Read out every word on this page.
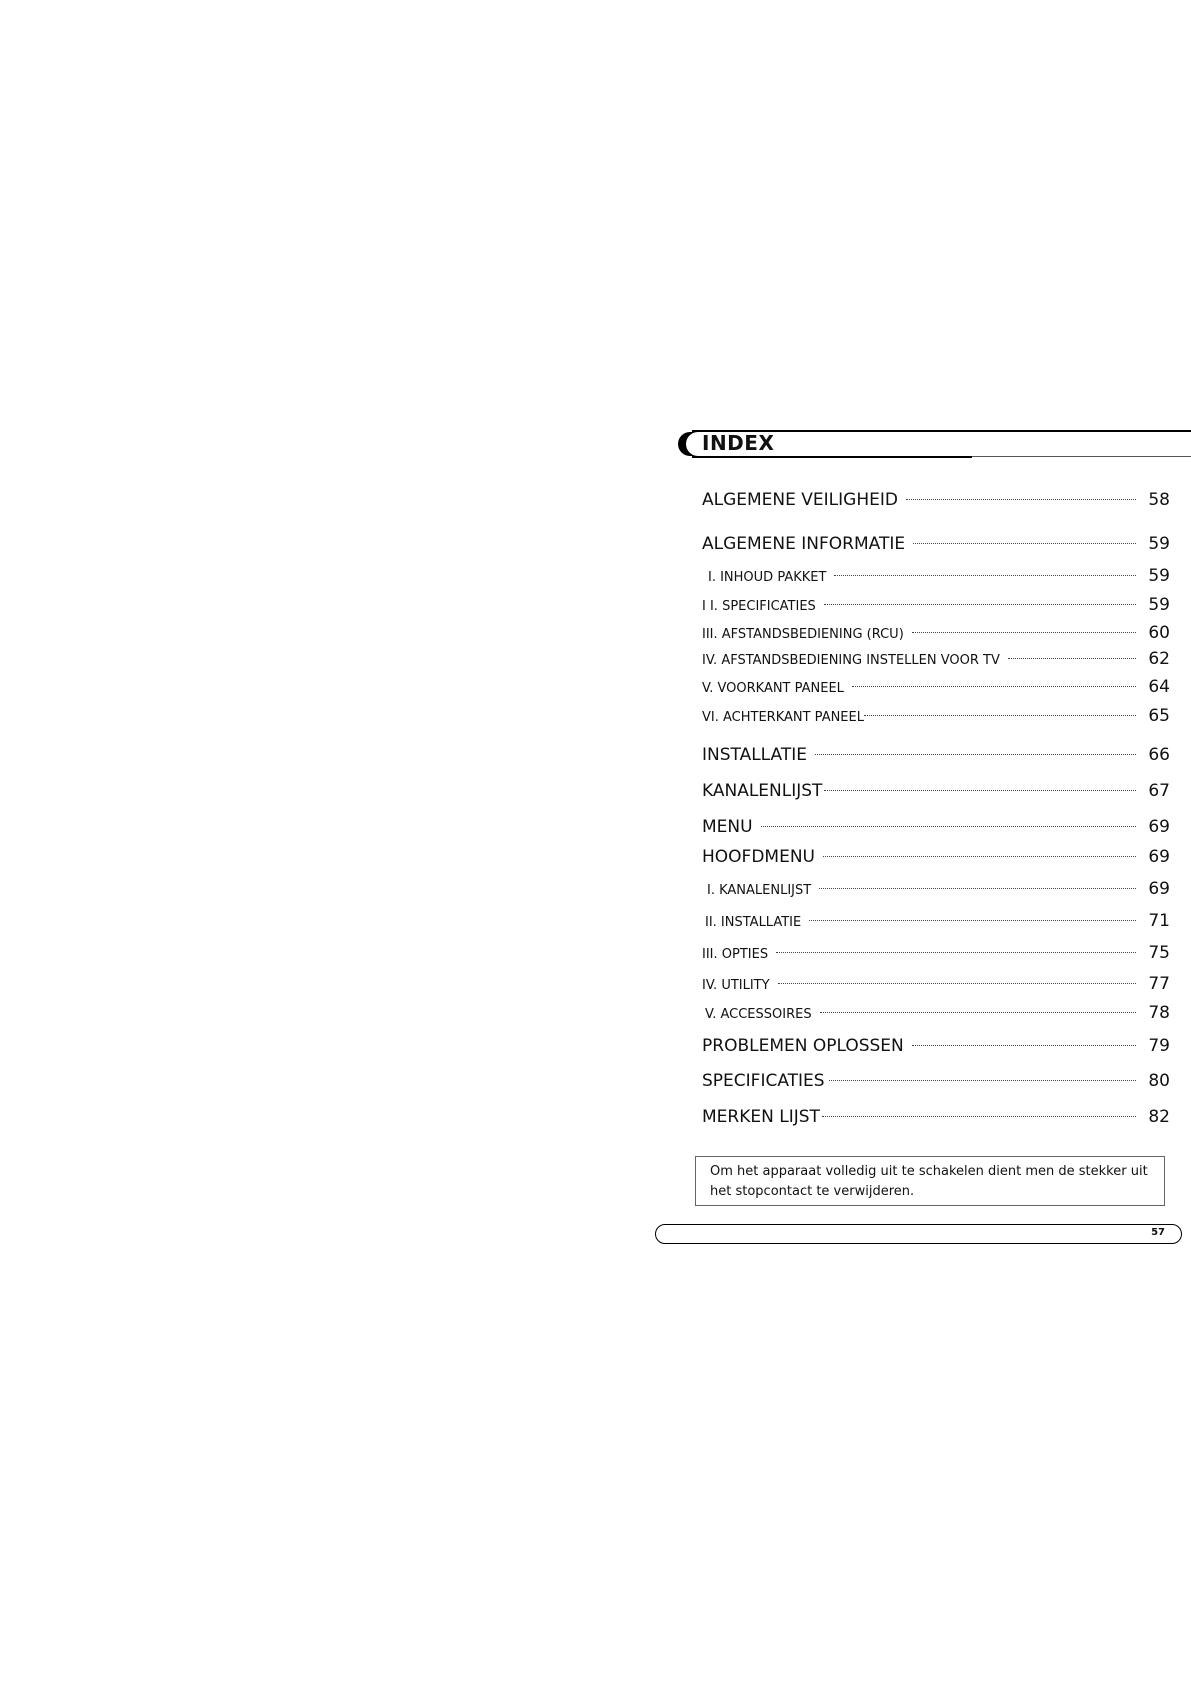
INDEX
ALGEMENE VEILIGHEID	58
ALGEMENE INFORMATIE	59
I. INHOUD PAKKET	59
I I. SPECIFICATIES	59
III. AFSTANDSBEDIENING (RCU)	60
IV. AFSTANDSBEDIENING INSTELLEN VOOR TV	62
V. VOORKANT PANEEL	64
VI. ACHTERKANT PANEEL	65
INSTALLATIE	66
KANALENLIJST	67
MENU	69
HOOFDMENU	69
I. KANALENLIJST	69
II. INSTALLATIE	71
III. OPTIES	75
IV. UTILITY	77
V. ACCESSOIRES	78
PROBLEMEN OPLOSSEN	79
SPECIFICATIES	80
MERKEN LIJST	82
Om het apparaat volledig uit te schakelen dient men de stekker uit het stopcontact te verwijderen.
57
